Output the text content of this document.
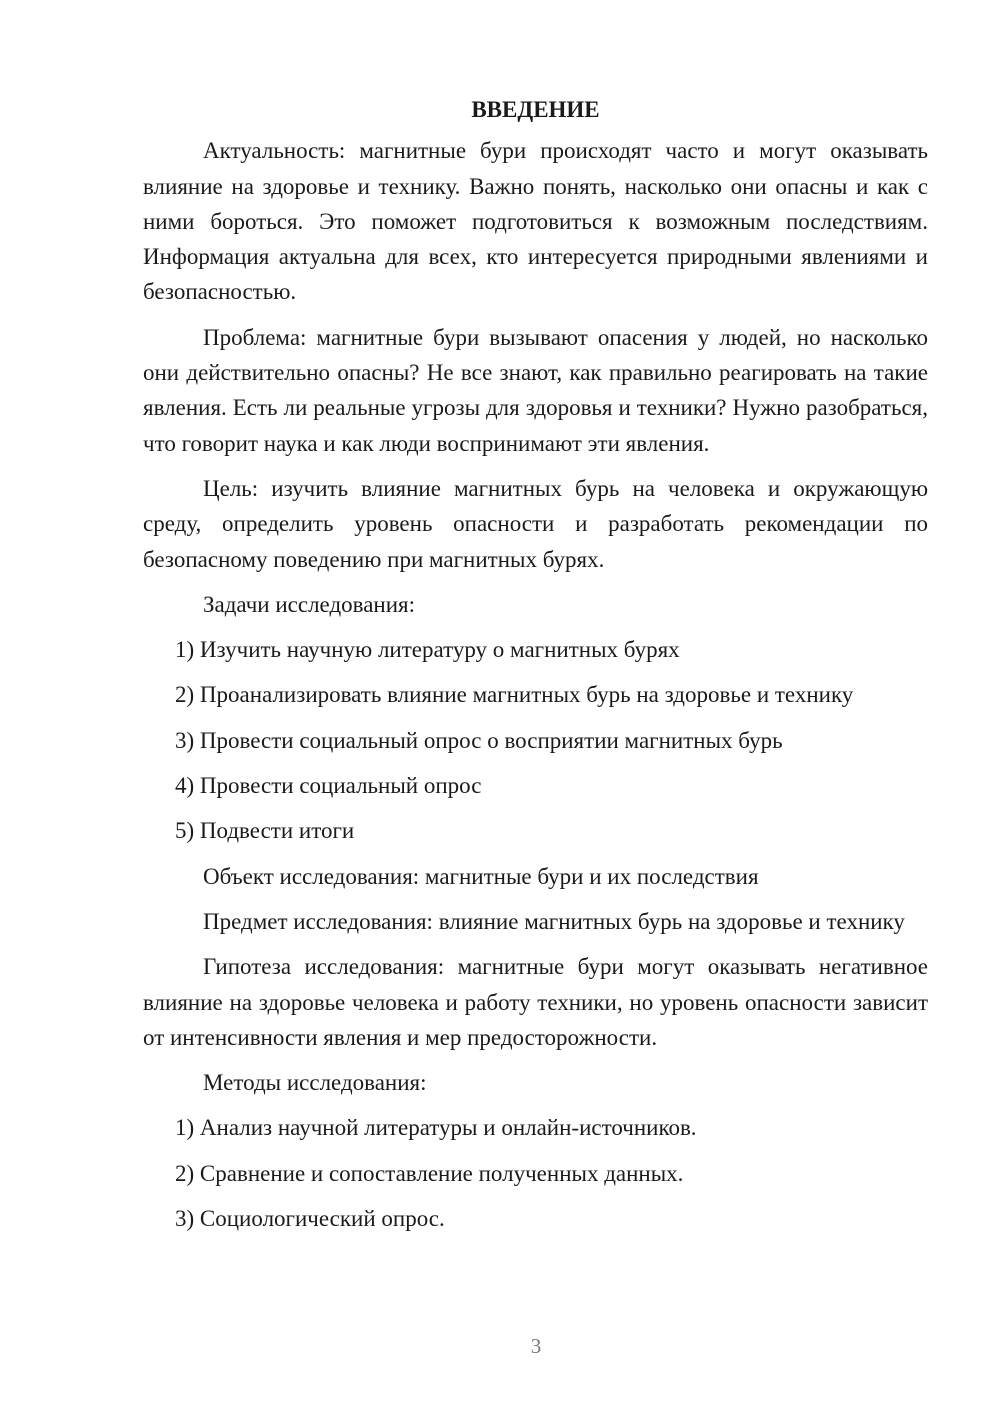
ВВЕДЕНИЕ

Актуальность: магнитные бури происходят часто и могут оказывать влияние на здоровье и технику. Важно понять, насколько они опасны и как с ними бороться. Это поможет подготовиться к возможным последствиям. Информация актуальна для всех, кто интересуется природными явлениями и безопасностью.

Проблема: магнитные бури вызывают опасения у людей, но насколько они действительно опасны? Не все знают, как правильно реагировать на такие явления. Есть ли реальные угрозы для здоровья и техники? Нужно разобраться, что говорит наука и как люди воспринимают эти явления.

Цель: изучить влияние магнитных бурь на человека и окружающую среду, определить уровень опасности и разработать рекомендации по безопасному поведению при магнитных бурях.

Задачи исследования:

1) Изучить научную литературу о магнитных бурях
2) Проанализировать влияние магнитных бурь на здоровье и технику
3) Провести социальный опрос о восприятии магнитных бурь
4) Провести социальный опрос
5) Подвести итоги

Объект исследования: магнитные бури и их последствия

Предмет исследования: влияние магнитных бурь на здоровье и технику

Гипотеза исследования: магнитные бури могут оказывать негативное влияние на здоровье человека и работу техники, но уровень опасности зависит от интенсивности явления и мер предосторожности.

Методы исследования:

1) Анализ научной литературы и онлайн-источников.
2) Сравнение и сопоставление полученных данных.
3) Социологический опрос.
3
